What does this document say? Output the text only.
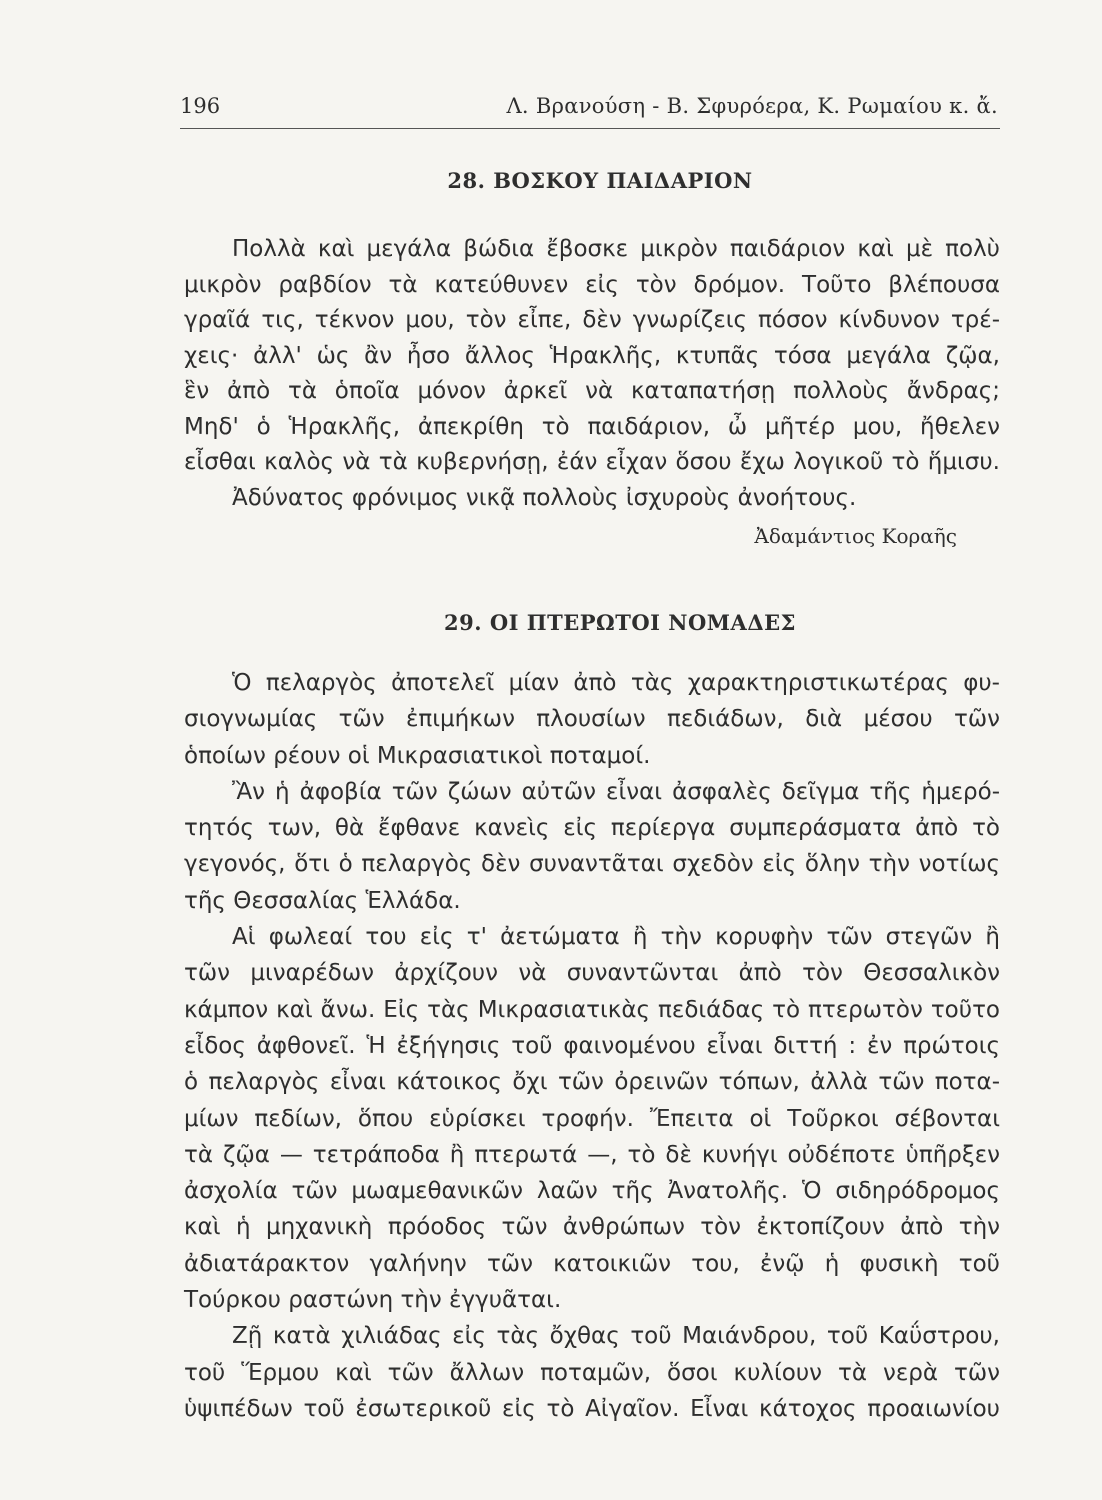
196	Λ. Βρανούση - Β. Σφυρόερα, Κ. Ρωμαίου κ. ἄ.
28. ΒΟΣΚΟΥ ΠΑΙΔΑΡΙΟΝ
Πολλὰ καὶ μεγάλα βώδια ἔβοσκε μικρὸν παιδάριον καὶ μὲ πολὺ
μικρὸν ραβδίον τὰ κατεύθυνεν εἰς τὸν δρόμον. Τοῦτο βλέπουσα
γραῖά τις, τέκνον μου, τὸν εἶπε, δὲν γνωρίζεις πόσον κίνδυνον τρέ-
χεις· ἀλλ' ὡς ἂν ἦσο ἄλλος Ἡρακλῆς, κτυπᾶς τόσα μεγάλα ζῷα,
ἓν ἀπὸ τὰ ὁποῖα μόνον ἀρκεῖ νὰ καταπατήσῃ πολλοὺς ἄνδρας;
Μηδ' ὁ Ἡρακλῆς, ἀπεκρίθη τὸ παιδάριον, ὦ μῆτέρ μου, ἤθελεν
εἶσθαι καλὸς νὰ τὰ κυβερνήσῃ, ἐάν εἶχαν ὅσου ἔχω λογικοῦ τὸ ἥμισυ.
Ἀδύνατος φρόνιμος νικᾷ πολλοὺς ἰσχυροὺς ἀνοήτους.
Ἀδαμάντιος Κοραῆς
29. ΟΙ ΠΤΕΡΩΤΟΙ ΝΟΜΑΔΕΣ
Ὁ πελαργὸς ἀποτελεῖ μίαν ἀπὸ τὰς χαρακτηριστικωτέρας φυ-
σιογνωμίας τῶν ἐπιμήκων πλουσίων πεδιάδων, διὰ μέσου τῶν
ὁποίων ρέουν οἱ Μικρασιατικοὶ ποταμοί.
Ἂν ἡ ἀφοβία τῶν ζώων αὐτῶν εἶναι ἀσφαλὲς δεῖγμα τῆς ἡμερό-
τητός των, θὰ ἔφθανε κανεὶς εἰς περίεργα συμπεράσματα ἀπὸ τὸ
γεγονός, ὅτι ὁ πελαργὸς δὲν συναντᾶται σχεδὸν εἰς ὅλην τὴν νοτίως
τῆς Θεσσαλίας Ἑλλάδα.
Αἱ φωλεαί του εἰς τ' ἀετώματα ἢ τὴν κορυφὴν τῶν στεγῶν ἢ
τῶν μιναρέδων ἀρχίζουν νὰ συναντῶνται ἀπὸ τὸν Θεσσαλικὸν
κάμπον καὶ ἄνω. Εἰς τὰς Μικρασιατικὰς πεδιάδας τὸ πτερωτὸν τοῦτο
εἶδος ἀφθονεῖ. Ἡ ἐξήγησις τοῦ φαινομένου εἶναι διττή : ἐν πρώτοις
ὁ πελαργὸς εἶναι κάτοικος ὄχι τῶν ὀρεινῶν τόπων, ἀλλὰ τῶν ποτα-
μίων πεδίων, ὅπου εὑρίσκει τροφήν. Ἔπειτα οἱ Τοῦρκοι σέβονται
τὰ ζῷα — τετράποδα ἢ πτερωτά —, τὸ δὲ κυνήγι οὐδέποτε ὑπῆρξεν
ἀσχολία τῶν μωαμεθανικῶν λαῶν τῆς Ἀνατολῆς. Ὁ σιδηρόδρομος
καὶ ἡ μηχανικὴ πρόοδος τῶν ἀνθρώπων τὸν ἐκτοπίζουν ἀπὸ τὴν
ἀδιατάρακτον γαλήνην τῶν κατοικιῶν του, ἐνῷ ἡ φυσικὴ τοῦ
Τούρκου ραστώνη τὴν ἐγγυᾶται.
Ζῇ κατὰ χιλιάδας εἰς τὰς ὄχθας τοῦ Μαιάνδρου, τοῦ Καΰστρου,
τοῦ Ἕρμου καὶ τῶν ἄλλων ποταμῶν, ὅσοι κυλίουν τὰ νερὰ τῶν
ὑψιπέδων τοῦ ἐσωτερικοῦ εἰς τὸ Αἰγαῖον. Εἶναι κάτοχος προαιωνίου
